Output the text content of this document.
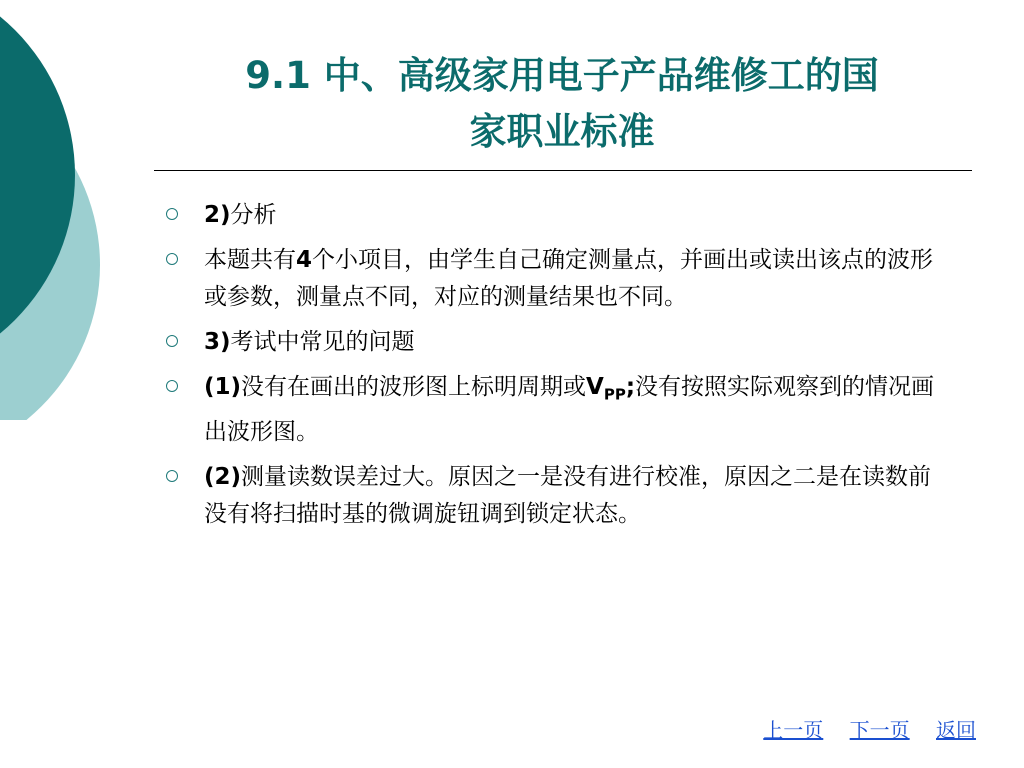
9.1 中、高级家用电子产品维修工的国
家职业标准
2)分析
本题共有4个小项目，由学生自己确定测量点，并画出或读出该点的波形或参数，测量点不同，对应的测量结果也不同。
3)考试中常见的问题
(1)没有在画出的波形图上标明周期或$V_{PP}$;没有按照实际观察到的情况画出波形图。
(2)测量读数误差过大。原因之一是没有进行校准，原因之二是在读数前没有将扫描时基的微调旋钮调到锁定状态。
上一页 下一页 返回
